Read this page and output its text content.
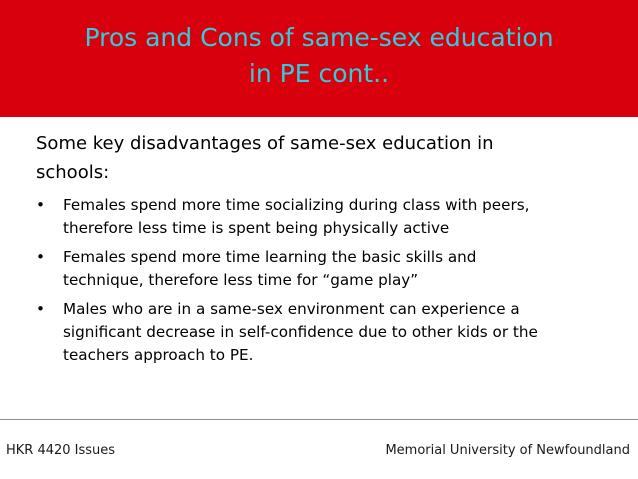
Pros and Cons of same-sex education
in PE cont..
Some key disadvantages of same-sex education in
schools:
• Females spend more time socializing during class with peers,
therefore less time is spent being physically active
• Females spend more time learning the basic skills and
technique, therefore less time for “game play”
• Males who are in a same-sex environment can experience a
significant decrease in self-confidence due to other kids or the
teachers approach to PE.
HKR 4420 Issues	Memorial University of Newfoundland
